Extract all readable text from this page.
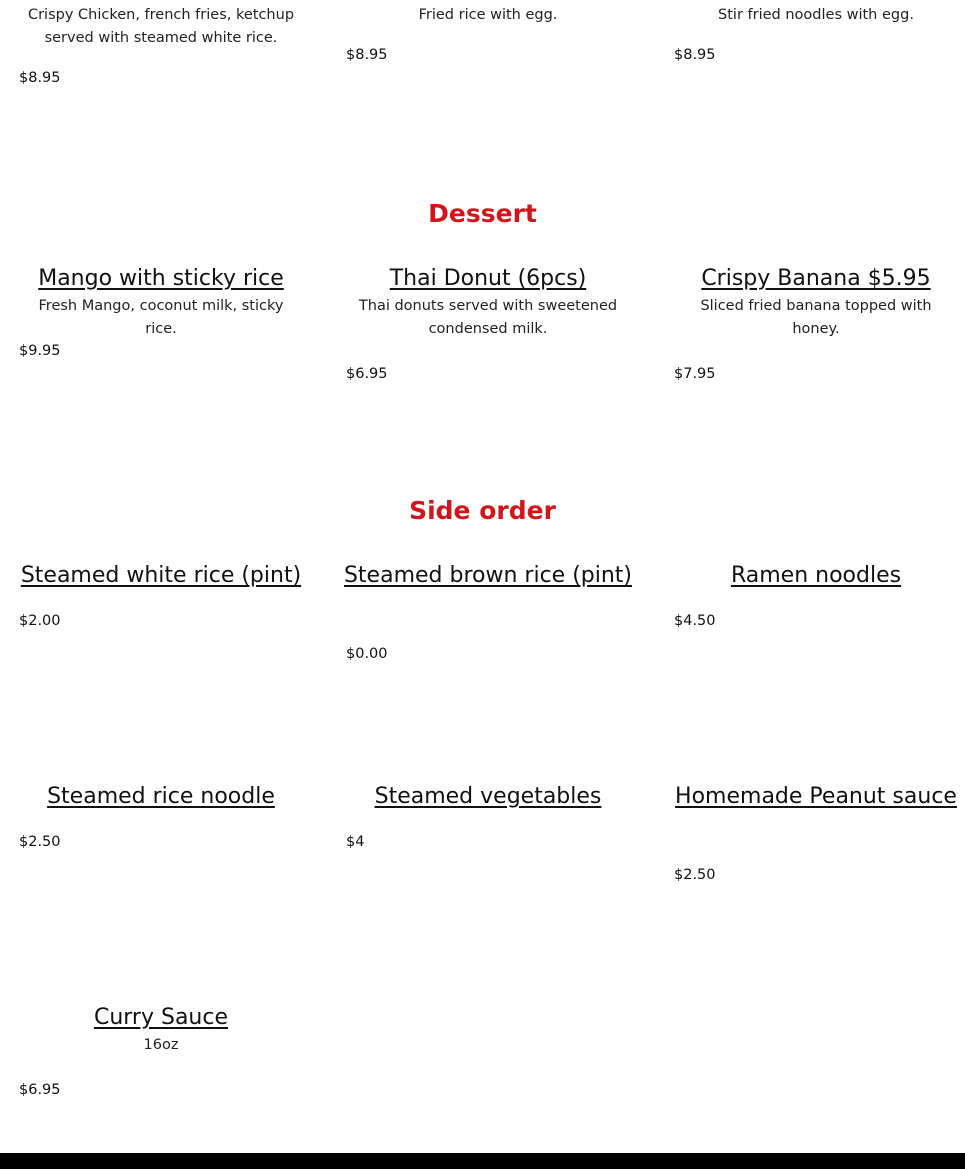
Crispy Chicken, french fries, ketchup served with steamed white rice.

$8.95

Fried rice with egg.

$8.95

Stir fried noodles with egg.

$8.95
Dessert
Mango with sticky rice

Fresh Mango, coconut milk, sticky rice.

$9.95
Thai Donut (6pcs)

Thai donuts served with sweetened condensed milk.

$6.95
Crispy Banana $5.95

Sliced fried banana topped with honey.

$7.95
Side order
Steamed white rice (pint)
$2.00
Steamed brown rice (pint)
$0.00
Ramen noodles
$4.50
Steamed rice noodle
$2.50
Steamed vegetables
$4
Homemade Peanut sauce
$2.50
Curry Sauce

16oz

$6.95
